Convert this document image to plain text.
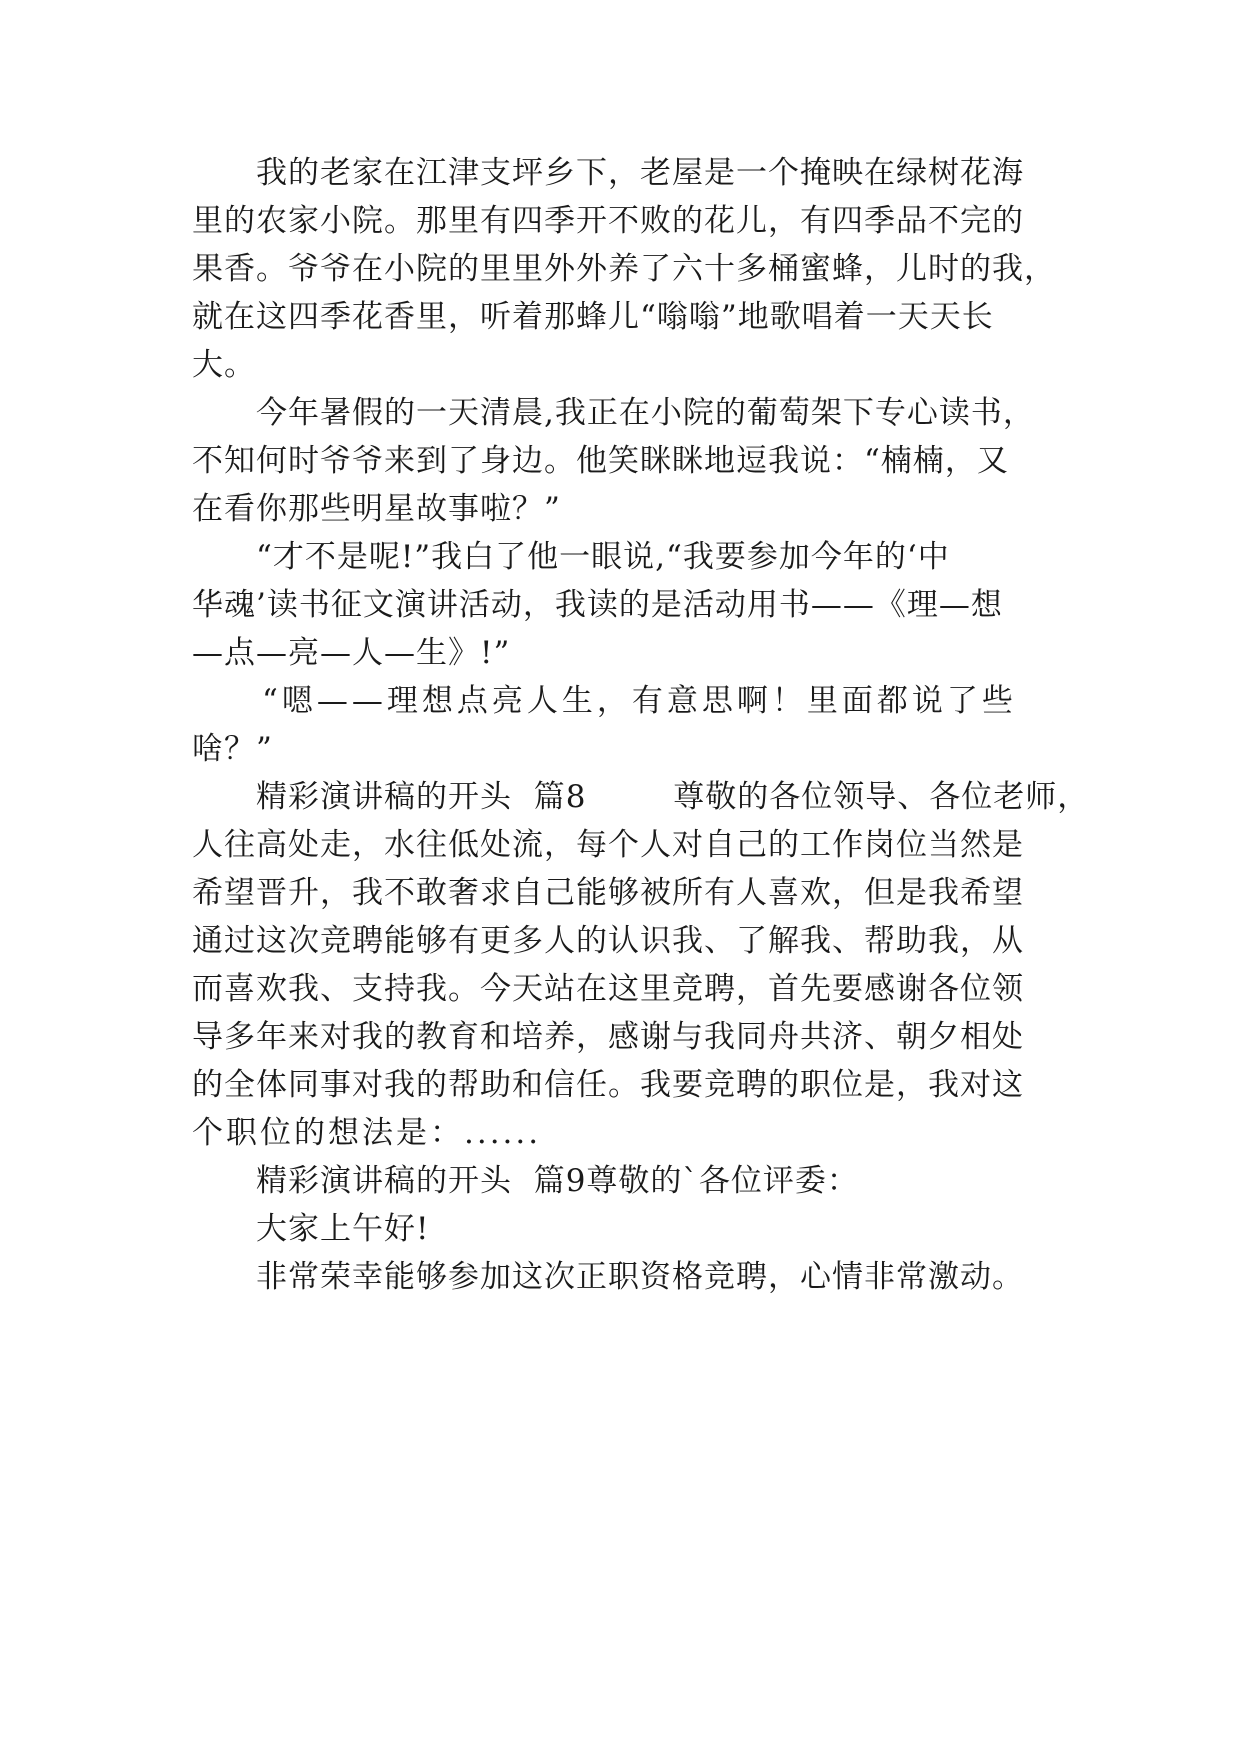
我的老家在江津支坪乡下，老屋是一个掩映在绿树花海
里的农家小院。那里有四季开不败的花儿，有四季品不完的
果香。爷爷在小院的里里外外养了六十多桶蜜蜂，儿时的我，
就在这四季花香里，听着那蜂儿“嗡嗡”地歌唱着一天天长
大。
今年暑假的一天清晨,我正在小院的葡萄架下专心读书，
不知何时爷爷来到了身边。他笑眯眯地逗我说：“楠楠，又
在看你那些明星故事啦？”
“才不是呢!”我白了他一眼说,“我要参加今年的‘中
华魂’读书征文演讲活动，我读的是活动用书——《理—想
—点—亮—人—生》!”
“嗯——理想点亮人生，有意思啊！里面都说了些
啥？”
精彩演讲稿的开头  篇8        尊敬的各位领导、各位老师，
人往高处走，水往低处流，每个人对自己的工作岗位当然是
希望晋升，我不敢奢求自己能够被所有人喜欢，但是我希望
通过这次竞聘能够有更多人的认识我、了解我、帮助我，从
而喜欢我、支持我。今天站在这里竞聘，首先要感谢各位领
导多年来对我的教育和培养，感谢与我同舟共济、朝夕相处
的全体同事对我的帮助和信任。我要竞聘的职位是，我对这
个职位的想法是：......
精彩演讲稿的开头  篇9尊敬的`各位评委：
大家上午好!
非常荣幸能够参加这次正职资格竞聘，心情非常激动。
